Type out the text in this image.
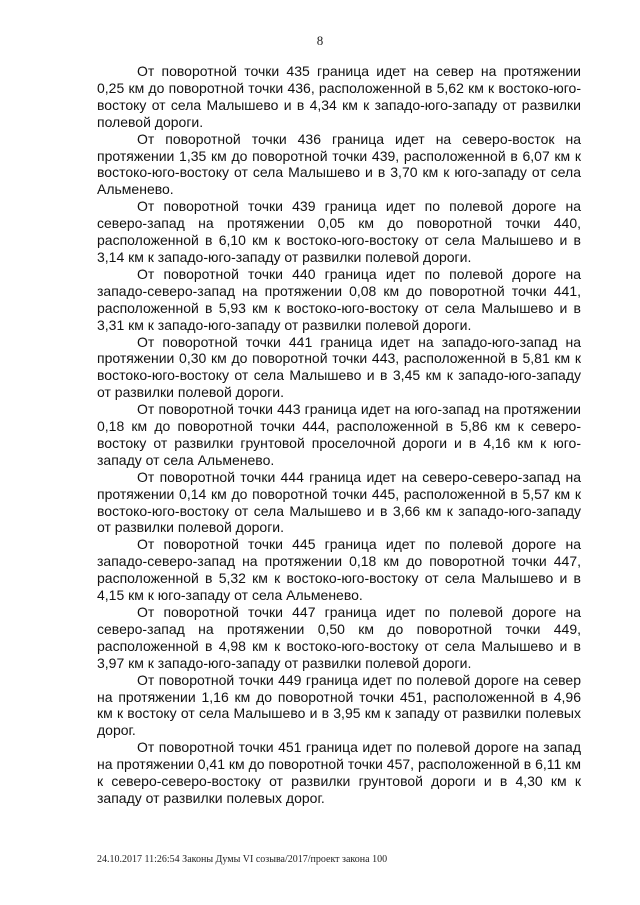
8

От поворотной точки 435 граница идет на север на протяжении 0,25 км до поворотной точки 436, расположенной в 5,62 км к востоко-юго-востоку от села Малышево и в 4,34 км к западо-юго-западу от развилки полевой дороги.

От поворотной точки 436 граница идет на северо-восток на протяжении 1,35 км до поворотной точки 439, расположенной в 6,07 км к востоко-юго-востоку от села Малышево и в 3,70 км к юго-западу от села Альменево.

От поворотной точки 439 граница идет по полевой дороге на северо-запад на протяжении 0,05 км до поворотной точки 440, расположенной в 6,10 км к востоко-юго-востоку от села Малышево и в 3,14 км к западо-юго-западу от развилки полевой дороги.

От поворотной точки 440 граница идет по полевой дороге на западо-северо-запад на протяжении 0,08 км до поворотной точки 441, расположенной в 5,93 км к востоко-юго-востоку от села Малышево и в 3,31 км к западо-юго-западу от развилки полевой дороги.

От поворотной точки 441 граница идет на западо-юго-запад на протяжении 0,30 км до поворотной точки 443, расположенной в 5,81 км к востоко-юго-востоку от села Малышево и в 3,45 км к западо-юго-западу от развилки полевой дороги.

От поворотной точки 443 граница идет на юго-запад на протяжении 0,18 км до поворотной точки 444, расположенной в 5,86 км к северо-востоку от развилки грунтовой проселочной дороги и в 4,16 км к юго-западу от села Альменево.

От поворотной точки 444 граница идет на северо-северо-запад на протяжении 0,14 км до поворотной точки 445, расположенной в 5,57 км к востоко-юго-востоку от села Малышево и в 3,66 км к западо-юго-западу от развилки полевой дороги.

От поворотной точки 445 граница идет по полевой дороге на западо-северо-запад на протяжении 0,18 км до поворотной точки 447, расположенной в 5,32 км к востоко-юго-востоку от села Малышево и в 4,15 км к юго-западу от села Альменево.

От поворотной точки 447 граница идет по полевой дороге на северо-запад на протяжении 0,50 км до поворотной точки 449, расположенной в 4,98 км к востоко-юго-востоку от села Малышево и в 3,97 км к западо-юго-западу от развилки полевой дороги.

От поворотной точки 449 граница идет по полевой дороге на север на протяжении 1,16 км до поворотной точки 451, расположенной в 4,96 км к востоку от села Малышево и в 3,95 км к западу от развилки полевых дорог.

От поворотной точки 451 граница идет по полевой дороге на запад на протяжении 0,41 км до поворотной точки 457, расположенной в 6,11 км к северо-северо-востоку от развилки грунтовой дороги и в 4,30 км к западу от развилки полевых дорог.

24.10.2017 11:26:54 Законы Думы VI созыва/2017/проект закона 100
